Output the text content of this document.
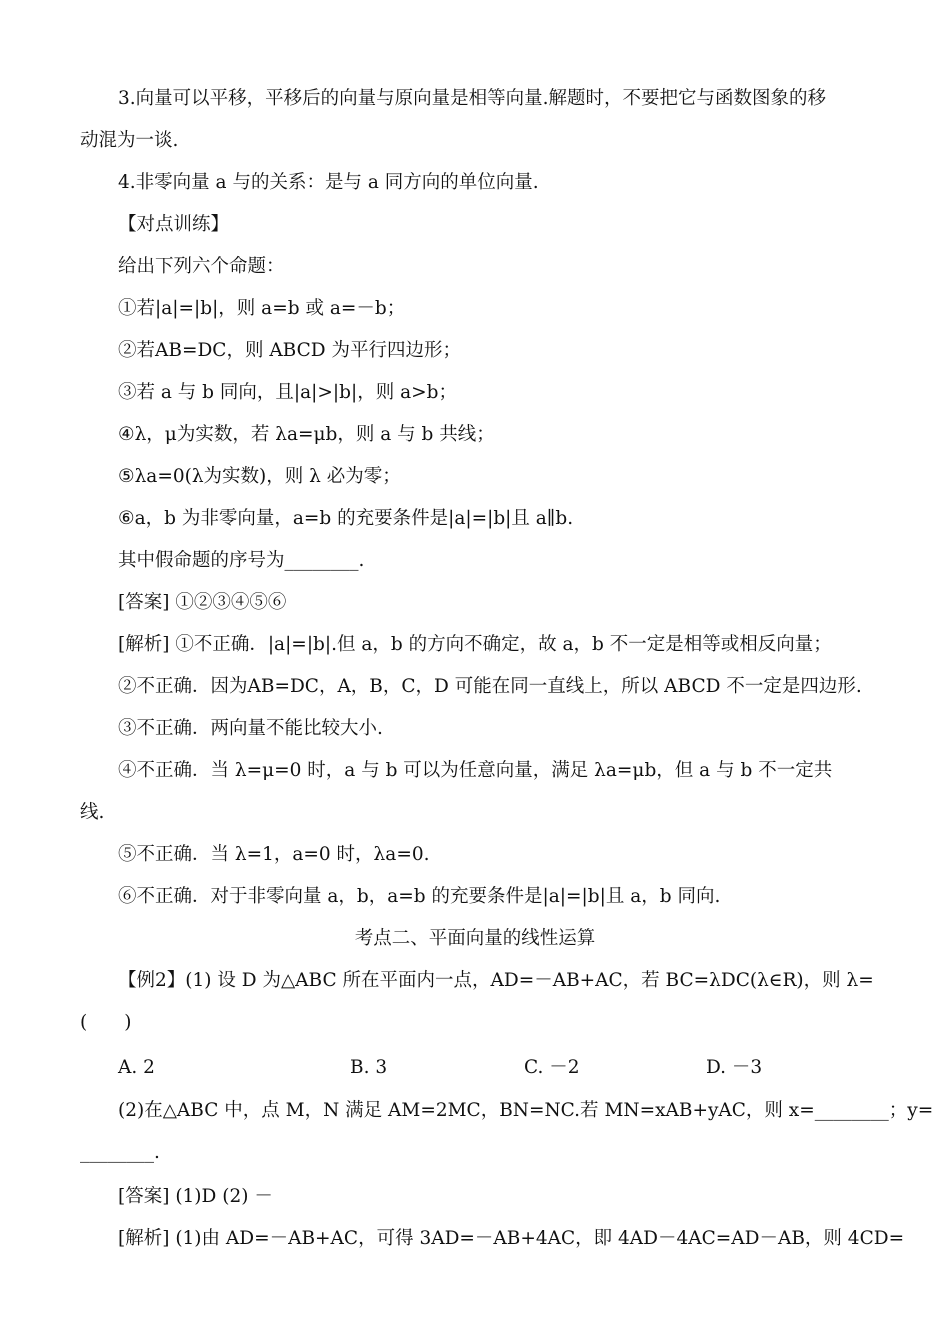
3.向量可以平移，平移后的向量与原向量是相等向量.解题时，不要把它与函数图象的移
动混为一谈.
4.非零向量 a 与的关系：是与 a 同方向的单位向量.
【对点训练】
给出下列六个命题：
①若|a|=|b|，则 a=b 或 a=－b；
②若AB=DC，则 ABCD 为平行四边形；
③若 a 与 b 同向，且|a|>|b|，则 a>b；
④λ，μ为实数，若 λa=μb，则 a 与 b 共线；
⑤λa=0(λ为实数)，则 λ 必为零；
⑥a，b 为非零向量，a=b 的充要条件是|a|=|b|且 a∥b.
其中假命题的序号为________.
[答案] ①②③④⑤⑥
[解析] ①不正确．|a|=|b|.但 a，b 的方向不确定，故 a，b 不一定是相等或相反向量；
②不正确．因为AB=DC，A，B，C，D 可能在同一直线上，所以 ABCD 不一定是四边形.
③不正确．两向量不能比较大小.
④不正确．当 λ=μ=0 时，a 与 b 可以为任意向量，满足 λa=μb，但 a 与 b 不一定共
线.
⑤不正确．当 λ=1，a=0 时，λa=0.
⑥不正确．对于非零向量 a，b，a=b 的充要条件是|a|=|b|且 a，b 同向.
考点二、平面向量的线性运算
【例2】(1) 设 D 为△ABC 所在平面内一点，AD=－AB+AC，若 BC=λDC(λ∈R)，则 λ=
(　　)
A. 2	B. 3	C. －2	D. －3
(2)在△ABC 中，点 M，N 满足 AM=2MC，BN=NC.若 MN=xAB+yAC，则 x=________；y=
________.
[答案] (1)D (2) －
[解析] (1)由 AD=－AB+AC，可得 3AD=－AB+4AC，即 4AD－4AC=AD－AB，则 4CD=
